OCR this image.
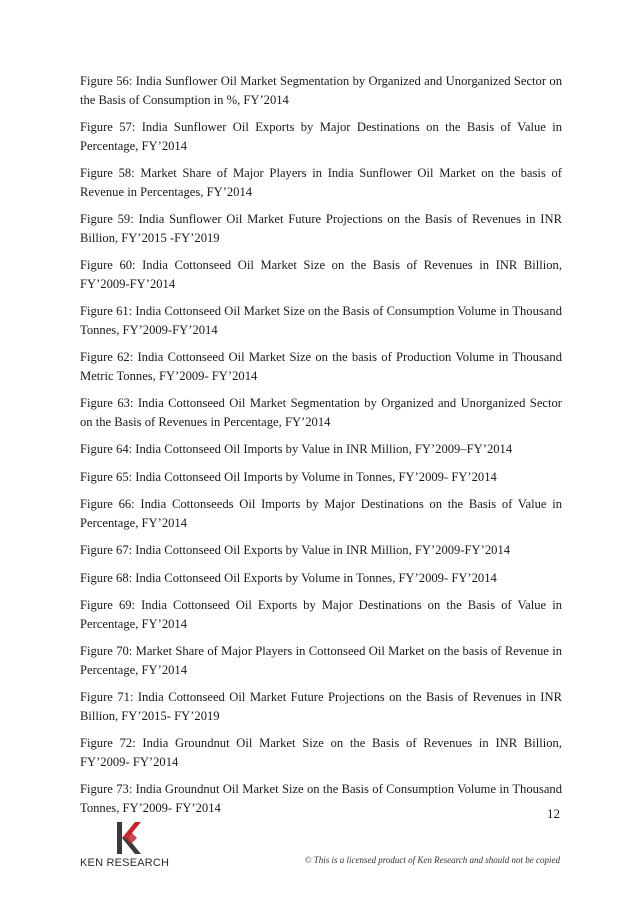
Figure 56: India Sunflower Oil Market Segmentation by Organized and Unorganized Sector on the Basis of Consumption in %, FY’2014

Figure 57: India Sunflower Oil Exports by Major Destinations on the Basis of Value in Percentage, FY’2014

Figure 58: Market Share of Major Players in India Sunflower Oil Market on the basis of Revenue in Percentages, FY’2014

Figure 59: India Sunflower Oil Market Future Projections on the Basis of Revenues in INR Billion, FY’2015 -FY’2019

Figure 60: India Cottonseed Oil Market Size on the Basis of Revenues in INR Billion, FY’2009-FY’2014

Figure 61: India Cottonseed Oil Market Size on the Basis of Consumption Volume in Thousand Tonnes, FY’2009-FY’2014

Figure 62: India Cottonseed Oil Market Size on the basis of Production Volume in Thousand Metric Tonnes, FY’2009- FY’2014

Figure 63: India Cottonseed Oil Market Segmentation by Organized and Unorganized Sector on the Basis of Revenues in Percentage, FY’2014

Figure 64: India Cottonseed Oil Imports by Value in INR Million, FY’2009–FY’2014

Figure 65: India Cottonseed Oil Imports by Volume in Tonnes, FY’2009- FY’2014

Figure 66: India Cottonseeds Oil Imports by Major Destinations on the Basis of Value in Percentage, FY’2014

Figure 67: India Cottonseed Oil Exports by Value in INR Million, FY’2009-FY’2014

Figure 68: India Cottonseed Oil Exports by Volume in Tonnes, FY’2009- FY’2014

Figure 69: India Cottonseed Oil Exports by Major Destinations on the Basis of Value in Percentage, FY’2014

Figure 70: Market Share of Major Players in Cottonseed Oil Market on the basis of Revenue in Percentage, FY’2014

Figure 71: India Cottonseed Oil Market Future Projections on the Basis of Revenues in INR Billion, FY’2015- FY’2019

Figure 72: India Groundnut Oil Market Size on the Basis of Revenues in INR Billion, FY’2009- FY’2014

Figure 73: India Groundnut Oil Market Size on the Basis of Consumption Volume in Thousand Tonnes, FY’2009- FY’2014	12
KEN RESEARCH	© This is a licensed product of Ken Research and should not be copied
